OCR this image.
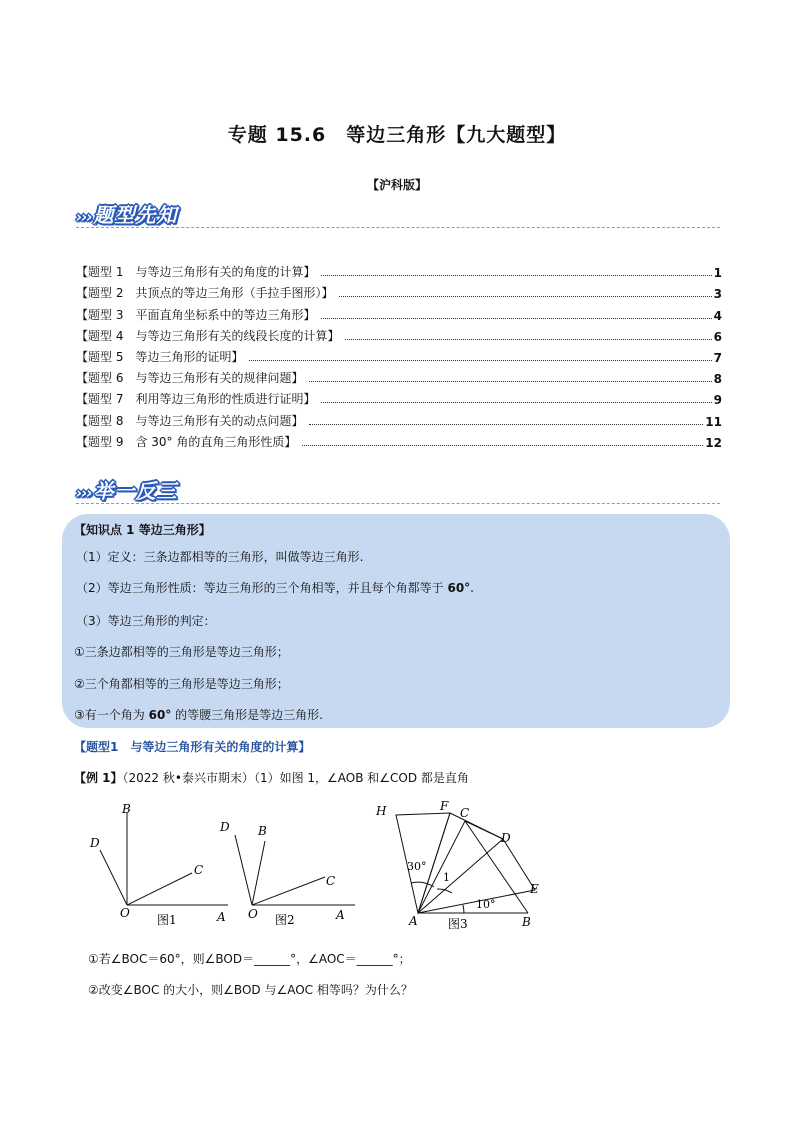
专题 15.6　等边三角形【九大题型】
【沪科版】
››› 题型先知
【题型 1　与等边三角形有关的角度的计算】	1
【题型 2　共顶点的等边三角形（手拉手图形）】	3
【题型 3　平面直角坐标系中的等边三角形】	4
【题型 4　与等边三角形有关的线段长度的计算】	6
【题型 5　等边三角形的证明】	7
【题型 6　与等边三角形有关的规律问题】	8
【题型 7　利用等边三角形的性质进行证明】	9
【题型 8　与等边三角形有关的动点问题】	11
【题型 9　含 30° 角的直角三角形性质】	12
››› 举一反三
【知识点 1 等边三角形】
（1）定义：三条边都相等的三角形，叫做等边三角形.
（2）等边三角形性质：等边三角形的三个角相等，并且每个角都等于 60°.
（3）等边三角形的判定：
①三条边都相等的三角形是等边三角形；
②三个角都相等的三角形是等边三角形；
③有一个角为 60° 的等腰三角形是等边三角形.
【题型1　与等边三角形有关的角度的计算】
【例 1】（2022 秋•泰兴市期末）（1）如图 1，∠AOB 和∠COD 都是直角
B
D
C
O	A
图1
D B
C
O	A
图2
H	F C
D
E
A	B
30°
1
10°
图3
①若∠BOC＝60°，则∠BOD＝______°，∠AOC＝______°；
②改变∠BOC 的大小，则∠BOD 与∠AOC 相等吗？为什么？
